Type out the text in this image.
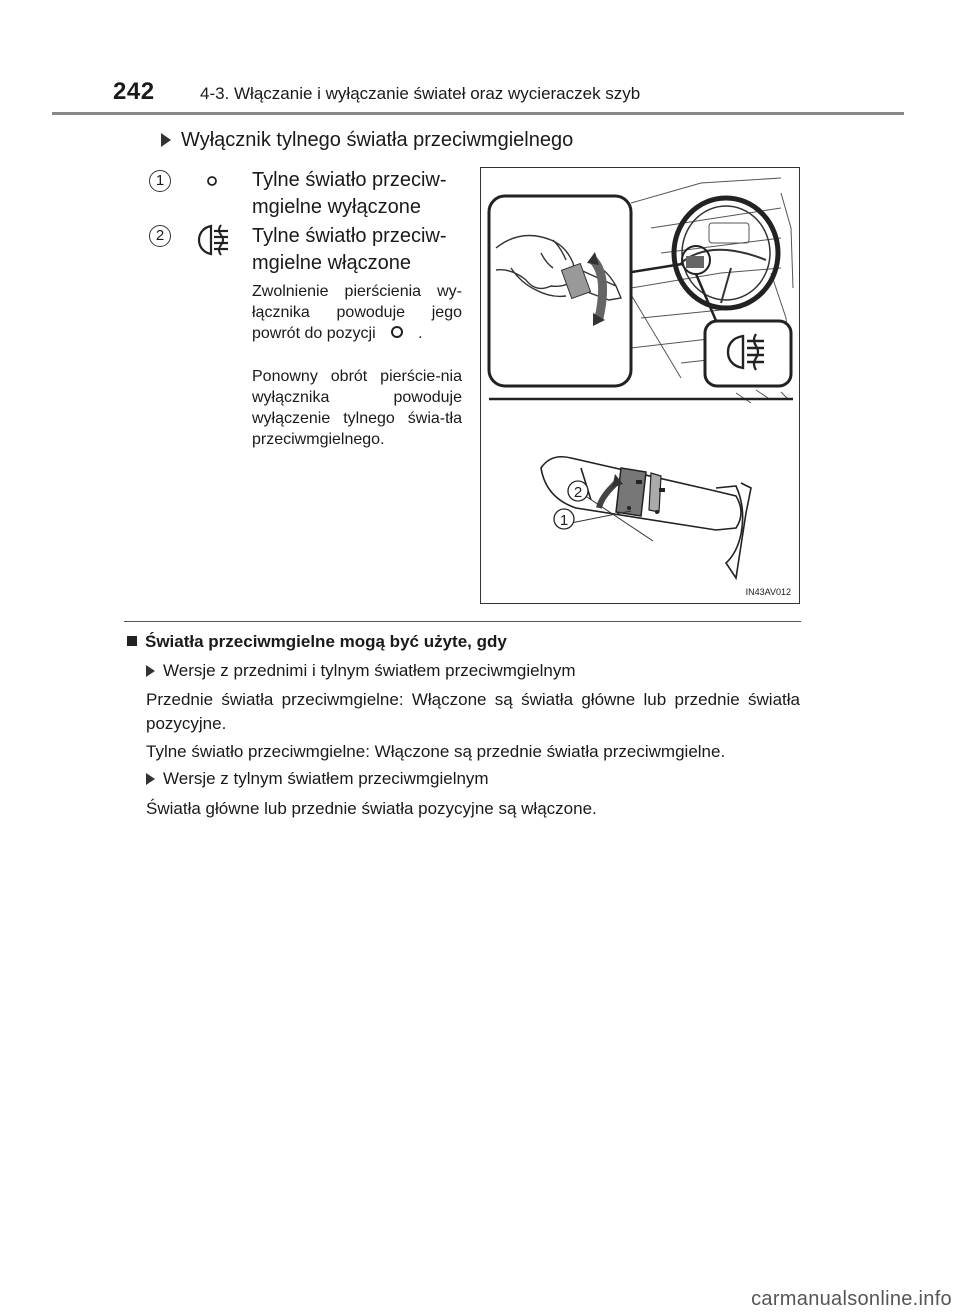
242	4-3. Włączanie i wyłączanie świateł oraz wycieraczek szyb
Wyłącznik tylnego światła przeciwmgielnego
1	Tylne światło przeciw-
mgielne wyłączone
2	Tylne światło przeciw-
mgielne włączone
Zwolnienie pierścienia wy-łącznika powoduje jego powrót do pozycji	.
Ponowny obrót pierście-nia wyłącznika powoduje wyłączenie tylnego świa-tła przeciwmgielnego.
2
1
IN43AV012
Światła przeciwmgielne mogą być użyte, gdy
Wersje z przednimi i tylnym światłem przeciwmgielnym
Przednie światła przeciwmgielne: Włączone są światła główne lub przednie światła pozycyjne.
Tylne światło przeciwmgielne: Włączone są przednie światła przeciwmgielne.
Wersje z tylnym światłem przeciwmgielnym
Światła główne lub przednie światła pozycyjne są włączone.
carmanualsonline.info
